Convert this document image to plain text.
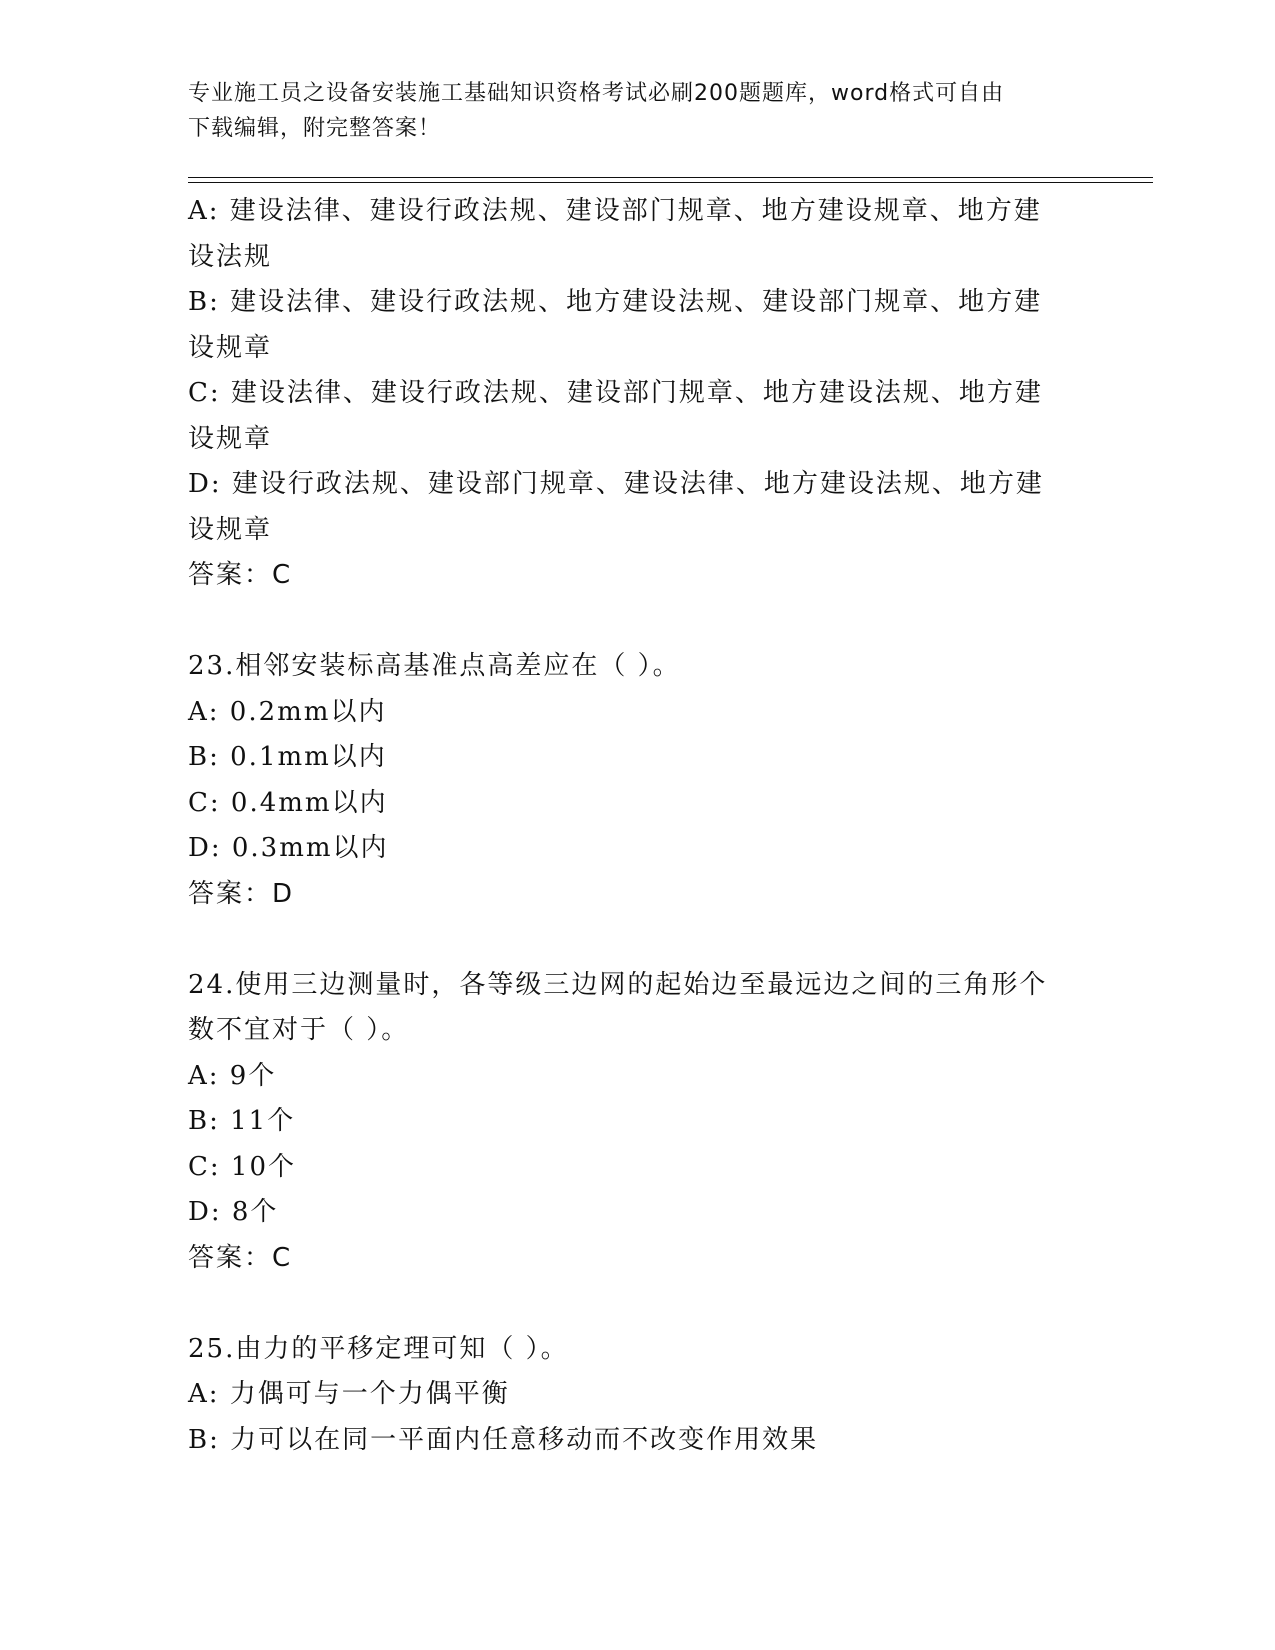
专业施工员之设备安装施工基础知识资格考试必刷200题题库，word格式可自由
下载编辑，附完整答案！

A: 建设法律、建设行政法规、建设部门规章、地方建设规章、地方建

设法规

B: 建设法律、建设行政法规、地方建设法规、建设部门规章、地方建

设规章

C: 建设法律、建设行政法规、建设部门规章、地方建设法规、地方建

设规章

D: 建设行政法规、建设部门规章、建设法律、地方建设法规、地方建

设规章

答案：C

23.相邻安装标高基准点高差应在（ ）。

A: 0.2mm以内

B: 0.1mm以内

C: 0.4mm以内

D: 0.3mm以内

答案：D

24.使用三边测量时，各等级三边网的起始边至最远边之间的三角形个

数不宜对于（ ）。

A: 9个

B: 11个

C: 10个

D: 8个

答案：C

25.由力的平移定理可知（ ）。

A: 力偶可与一个力偶平衡

B: 力可以在同一平面内任意移动而不改变作用效果
